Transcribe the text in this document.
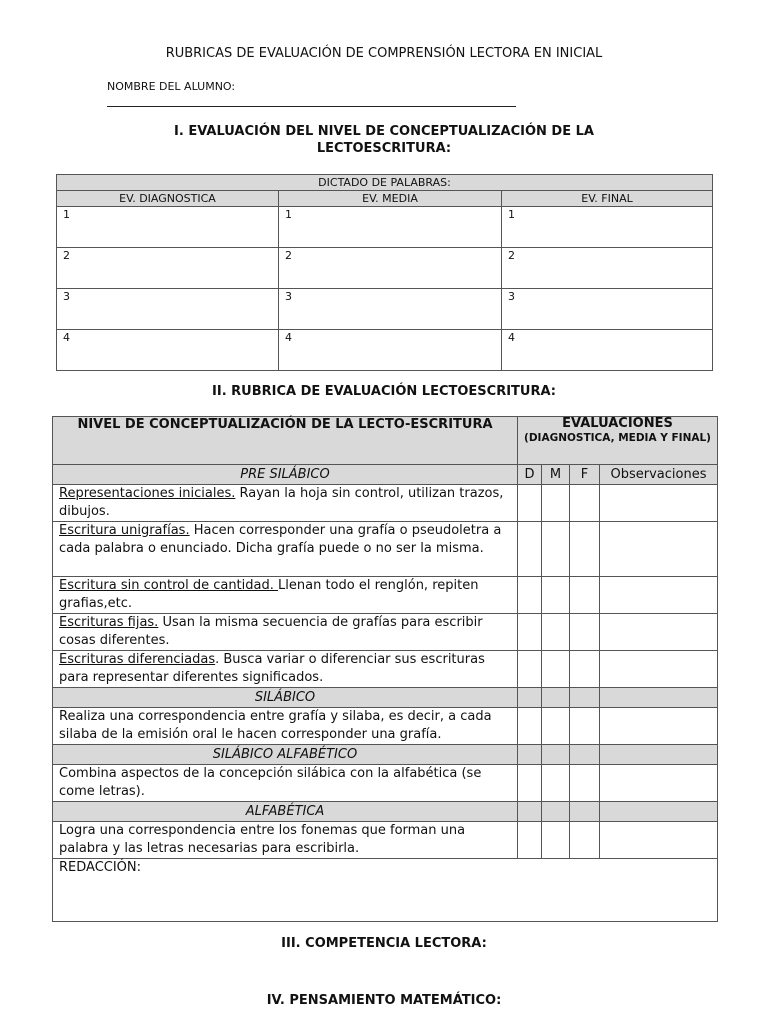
RUBRICAS DE EVALUACIÓN DE COMPRENSIÓN LECTORA EN INICIAL
NOMBRE DEL ALUMNO:
I. EVALUACIÓN DEL NIVEL DE CONCEPTUALIZACIÓN DE LA LECTOESCRITURA:
DICTADO DE PALABRAS:		
EV. DIAGNOSTICA	EV. MEDIA	EV. FINAL
1	1	1
2	2	2
3	3	3
4	4	4
II. RUBRICA DE EVALUACIÓN LECTOESCRITURA:
NIVEL DE CONCEPTUALIZACIÓN DE LA LECTO-ESCRITURA	EVALUACIONES
(DIAGNOSTICA, MEDIA Y FINAL)			

PRE SILÁBICO	D	M	F	Observaciones
Representaciones iniciales. Rayan la hoja sin control, utilizan trazos, dibujos.				
Escritura unigrafías. Hacen corresponder una grafía o pseudoletra a cada palabra o enunciado. Dicha grafía puede o no ser la misma.				
Escritura sin control de cantidad. Llenan todo el renglón, repiten grafias,etc.				
Escrituras fijas. Usan la misma secuencia de grafías para escribir cosas diferentes.				
Escrituras diferenciadas. Busca variar o diferenciar sus escrituras para representar diferentes significados.				
SILÁBICO				
Realiza una correspondencia entre grafía y silaba, es decir, a cada silaba de la emisión oral le hacen corresponder una grafía.				
SILÁBICO ALFABÉTICO				
Combina aspectos de la concepción silábica con la alfabética (se come letras).				
ALFABÉTICA				
Logra una correspondencia entre los fonemas que forman una palabra y las letras necesarias para escribirla.				
REDACCIÓN:				
III. COMPETENCIA LECTORA:
IV. PENSAMIENTO MATEMÁTICO:
